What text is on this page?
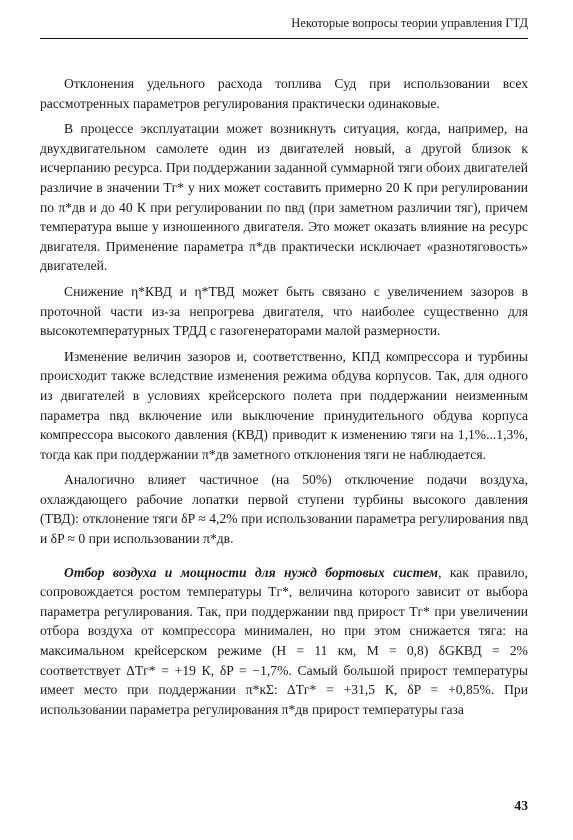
Некоторые вопросы теории управления ГТД

Отклонения удельного расхода топлива Cуд при использовании всех рассмотренных параметров регулирования практически одинаковые.

В процессе эксплуатации может возникнуть ситуация, когда, например, на двухдвигательном самолете один из двигателей новый, а другой близок к исчерпанию ресурса. При поддержании заданной суммарной тяги обоих двигателей различие в значении Tг* у них может составить примерно 20 К при регулировании по π*дв и до 40 К при регулировании по nвд (при заметном различии тяг), причем температура выше у изношенного двигателя. Это может оказать влияние на ресурс двигателя. Применение параметра π*дв практически исключает «разнотяговость» двигателей.

Снижение η*КВД и η*ТВД может быть связано с увеличением зазоров в проточной части из-за непрогрева двигателя, что наиболее существенно для высокотемпературных ТРДД с газогенераторами малой размерности.

Изменение величин зазоров и, соответственно, КПД компрессора и турбины происходит также вследствие изменения режима обдува корпусов. Так, для одного из двигателей в условиях крейсерского полета при поддержании неизменным параметра nвд включение или выключение принудительного обдува корпуса компрессора высокого давления (КВД) приводит к изменению тяги на 1,1%...1,3%, тогда как при поддержании π*дв заметного отклонения тяги не наблюдается.

Аналогично влияет частичное (на 50%) отключение подачи воздуха, охлаждающего рабочие лопатки первой ступени турбины высокого давления (ТВД): отклонение тяги δP ≈ 4,2% при использовании параметра регулирования nвд и δP ≈ 0 при использовании π*дв.

Отбор воздуха и мощности для нужд бортовых систем, как правило, сопровождается ростом температуры Tг*, величина которого зависит от выбора параметра регулирования. Так, при поддержании nвд прирост Tг* при увеличении отбора воздуха от компрессора минимален, но при этом снижается тяга: на максимальном крейсерском режиме (H = 11 км, M = 0,8) δGКВД = 2% соответствует ΔTг* = +19 К, δP = −1,7%. Самый большой прирост температуры имеет место при поддержании π*кΣ: ΔTг* = +31,5 К, δP = +0,85%. При использовании параметра регулирования π*дв прирост температуры газа

43
